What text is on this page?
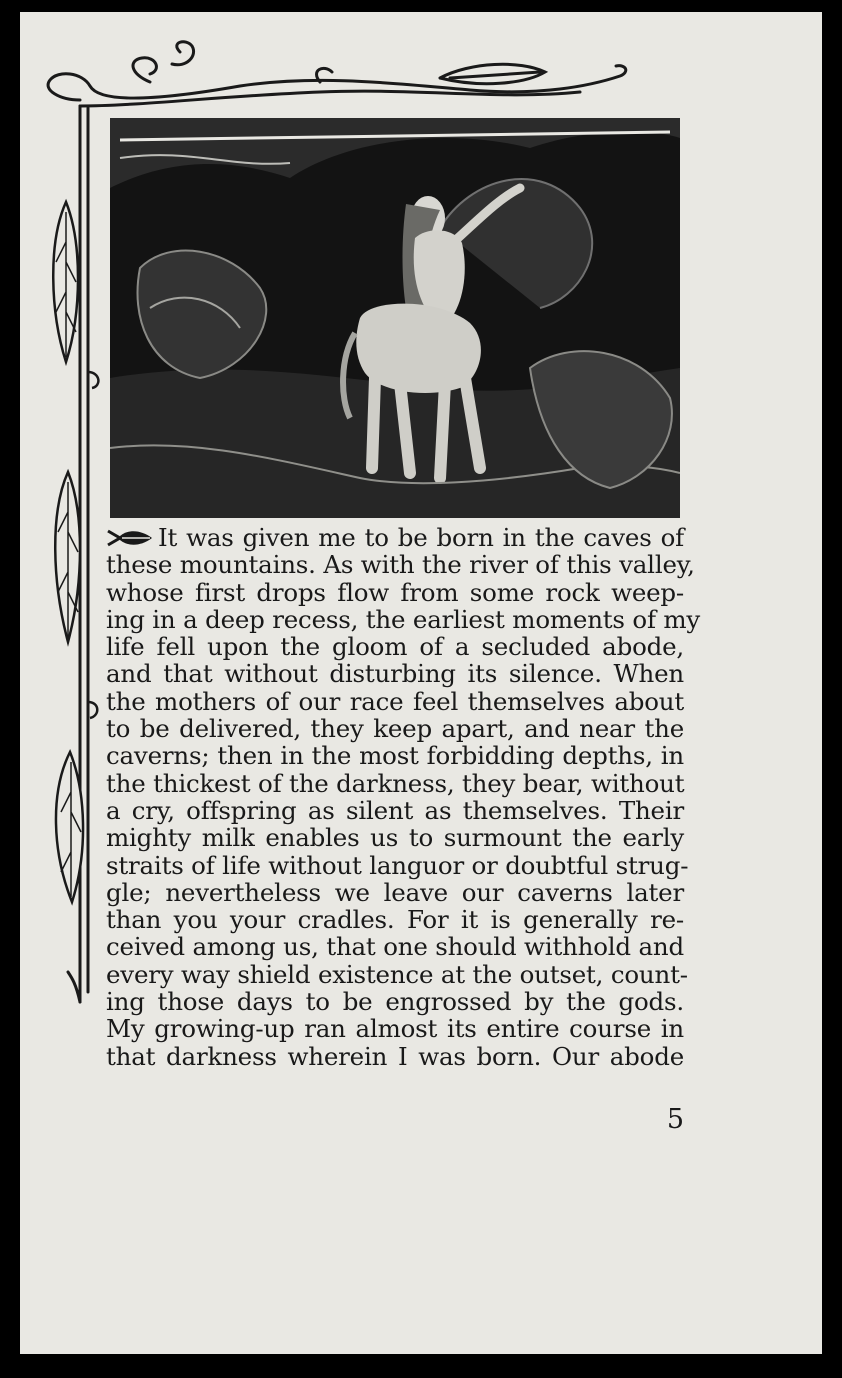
It was given me to be born in the caves of
these mountains. As with the river of this valley,
whose first drops flow from some rock weep-
ing in a deep recess, the earliest moments of my
life fell upon the gloom of a secluded abode,
and that without disturbing its silence. When
the mothers of our race feel themselves about
to be delivered, they keep apart, and near the
caverns; then in the most forbidding depths, in
the thickest of the darkness, they bear, without
a cry, offspring as silent as themselves. Their
mighty milk enables us to surmount the early
straits of life without languor or doubtful strug-
gle; nevertheless we leave our caverns later
than you your cradles. For it is generally re-
ceived among us, that one should withhold and
every way shield existence at the outset, count-
ing those days to be engrossed by the gods.
My growing-up ran almost its entire course in
that darkness wherein I was born. Our abode
5
